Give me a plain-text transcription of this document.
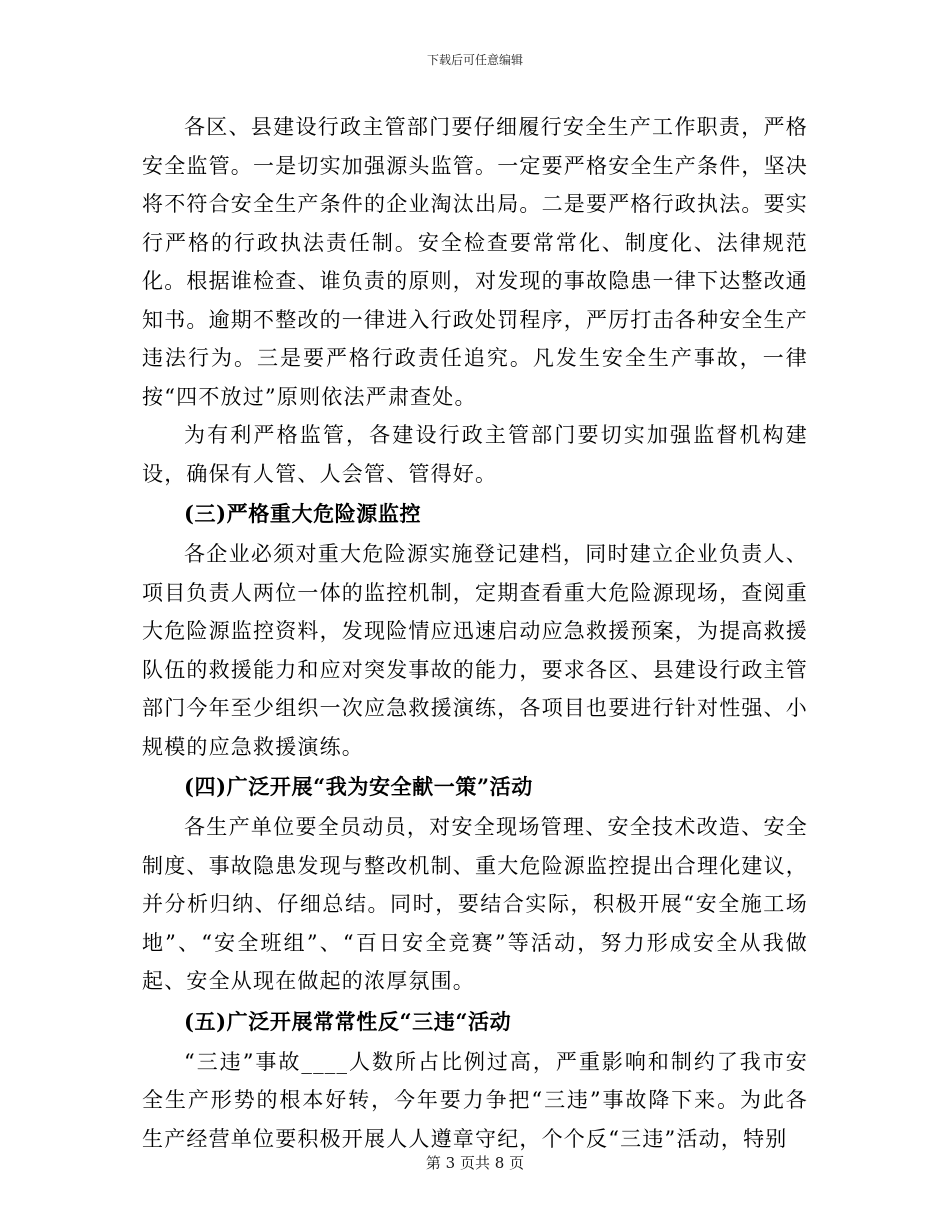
下载后可任意编辑

各区、县建设行政主管部门要仔细履行安全生产工作职责，严格安全监管。一是切实加强源头监管。一定要严格安全生产条件，坚决将不符合安全生产条件的企业淘汰出局。二是要严格行政执法。要实行严格的行政执法责任制。安全检查要常常化、制度化、法律规范化。根据谁检查、谁负责的原则，对发现的事故隐患一律下达整改通知书。逾期不整改的一律进入行政处罚程序，严厉打击各种安全生产违法行为。三是要严格行政责任追究。凡发生安全生产事故，一律按“四不放过”原则依法严肃查处。

为有利严格监管，各建设行政主管部门要切实加强监督机构建设，确保有人管、人会管、管得好。

(三)严格重大危险源监控

各企业必须对重大危险源实施登记建档，同时建立企业负责人、项目负责人两位一体的监控机制，定期查看重大危险源现场，查阅重大危险源监控资料，发现险情应迅速启动应急救援预案，为提高救援队伍的救援能力和应对突发事故的能力，要求各区、县建设行政主管部门今年至少组织一次应急救援演练，各项目也要进行针对性强、小规模的应急救援演练。

(四)广泛开展“我为安全献一策”活动

各生产单位要全员动员，对安全现场管理、安全技术改造、安全制度、事故隐患发现与整改机制、重大危险源监控提出合理化建议，并分析归纳、仔细总结。同时，要结合实际，积极开展“安全施工场地”、“安全班组”、“百日安全竞赛”等活动，努力形成安全从我做起、安全从现在做起的浓厚氛围。

(五)广泛开展常常性反“三违“活动

“三违”事故____人数所占比例过高，严重影响和制约了我市安全生产形势的根本好转，今年要力争把“三违”事故降下来。为此各生产经营单位要积极开展人人遵章守纪，个个反“三违”活动，特别

第 3 页共 8 页
